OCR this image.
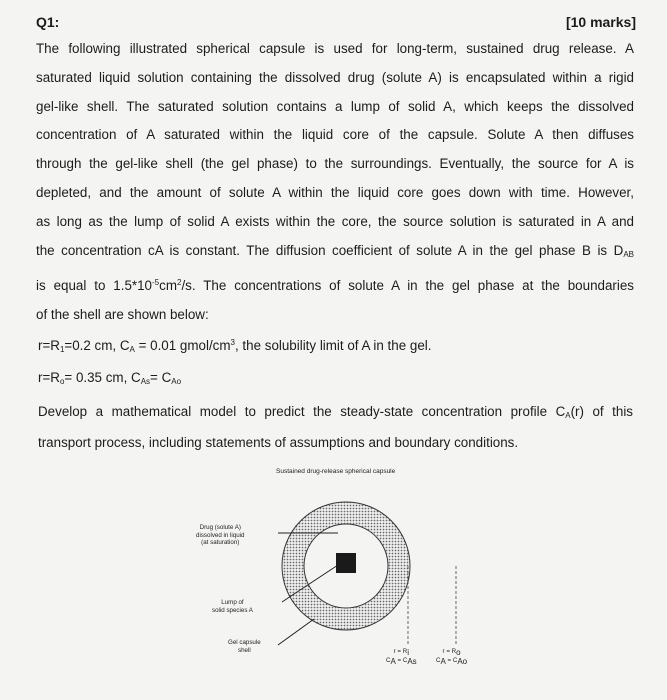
Q1:	[10 marks]
The following illustrated spherical capsule is used for long-term, sustained drug release. A
saturated liquid solution containing the dissolved drug (solute A) is encapsulated within a rigid
gel-like shell. The saturated solution contains a lump of solid A, which keeps the dissolved
concentration of A saturated within the liquid core of the capsule. Solute A then diffuses
through the gel-like shell (the gel phase) to the surroundings. Eventually, the source for A is
depleted, and the amount of solute A within the liquid core goes down with time. However,
as long as the lump of solid A exists within the core, the source solution is saturated in A and
the concentration cA is constant. The diffusion coefficient of solute A in the gel phase B is $D_{AB}$
is equal to $1.5*10^{-5}cm^2/s$. The concentrations of solute A in the gel phase at the boundaries
of the shell are shown below:
$r=R_1=0.2$ cm, $C_A = 0.01$ gmol/$cm^3$, the solubility limit of A in the gel.
$r=R_o= 0.35$ cm, $C_{As}= C_{Ao}$
Develop a mathematical model to predict the steady-state concentration profile $C_A(r)$ of this
transport process, including statements of assumptions and boundary conditions.
Sustained drug-release spherical capsule
Drug (solute A)
dissolved in liquid
(at saturation)
Lump of
solid species A
Gel capsule
shell	r = Ri
CA = CAs
r = Ro
CA = CAo
